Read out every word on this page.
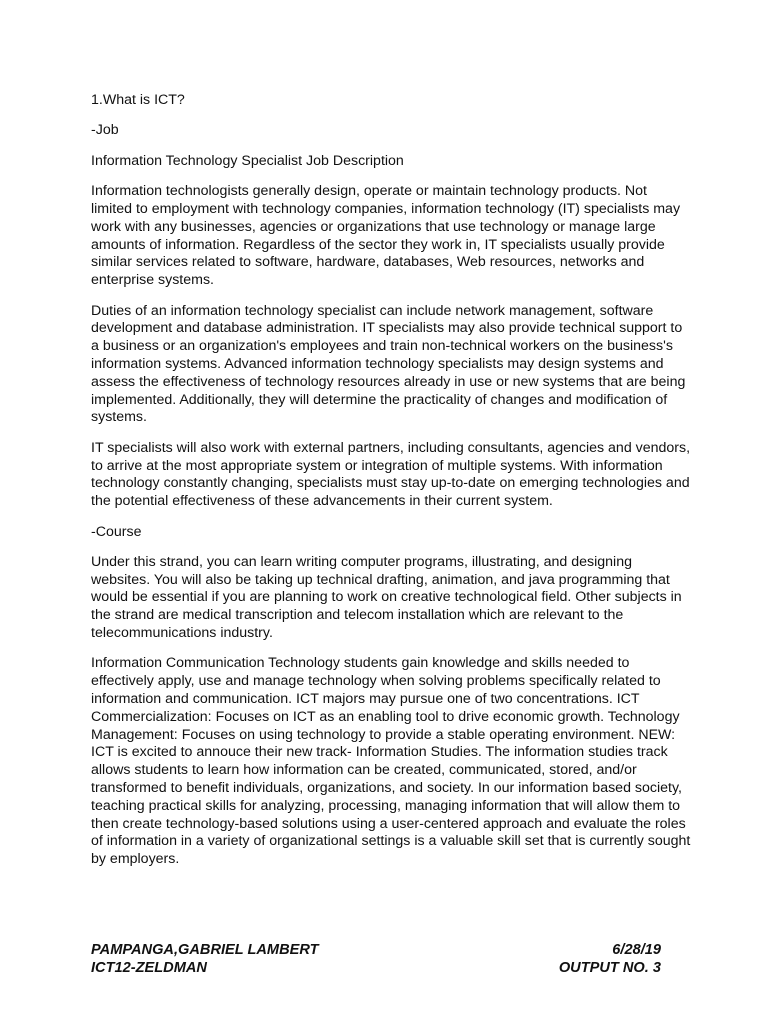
1.What is ICT?

-Job

Information Technology Specialist Job Description

Information technologists generally design, operate or maintain technology products. Not limited to employment with technology companies, information technology (IT) specialists may work with any businesses, agencies or organizations that use technology or manage large amounts of information. Regardless of the sector they work in, IT specialists usually provide similar services related to software, hardware, databases, Web resources, networks and enterprise systems.

Duties of an information technology specialist can include network management, software development and database administration. IT specialists may also provide technical support to a business or an organization's employees and train non-technical workers on the business's information systems. Advanced information technology specialists may design systems and assess the effectiveness of technology resources already in use or new systems that are being implemented. Additionally, they will determine the practicality of changes and modification of systems.

IT specialists will also work with external partners, including consultants, agencies and vendors, to arrive at the most appropriate system or integration of multiple systems. With information technology constantly changing, specialists must stay up-to-date on emerging technologies and the potential effectiveness of these advancements in their current system.

-Course

Under this strand, you can learn writing computer programs, illustrating, and designing websites. You will also be taking up technical drafting, animation, and java programming that would be essential if you are planning to work on creative technological field. Other subjects in the strand are medical transcription and telecom installation which are relevant to the telecommunications industry.

Information Communication Technology students gain knowledge and skills needed to effectively apply, use and manage technology when solving problems specifically related to information and communication. ICT majors may pursue one of two concentrations. ICT Commercialization: Focuses on ICT as an enabling tool to drive economic growth. Technology Management: Focuses on using technology to provide a stable operating environment. NEW: ICT is excited to annouce their new track- Information Studies. The information studies track allows students to learn how information can be created, communicated, stored, and/or transformed to benefit individuals, organizations, and society. In our information based society, teaching practical skills for analyzing, processing, managing information that will allow them to then create technology-based solutions using a user-centered approach and evaluate the roles of information in a variety of organizational settings is a valuable skill set that is currently sought by employers.

PAMPANGA,GABRIEL LAMBERT	6/28/19
ICT12-ZELDMAN	OUTPUT NO. 3
